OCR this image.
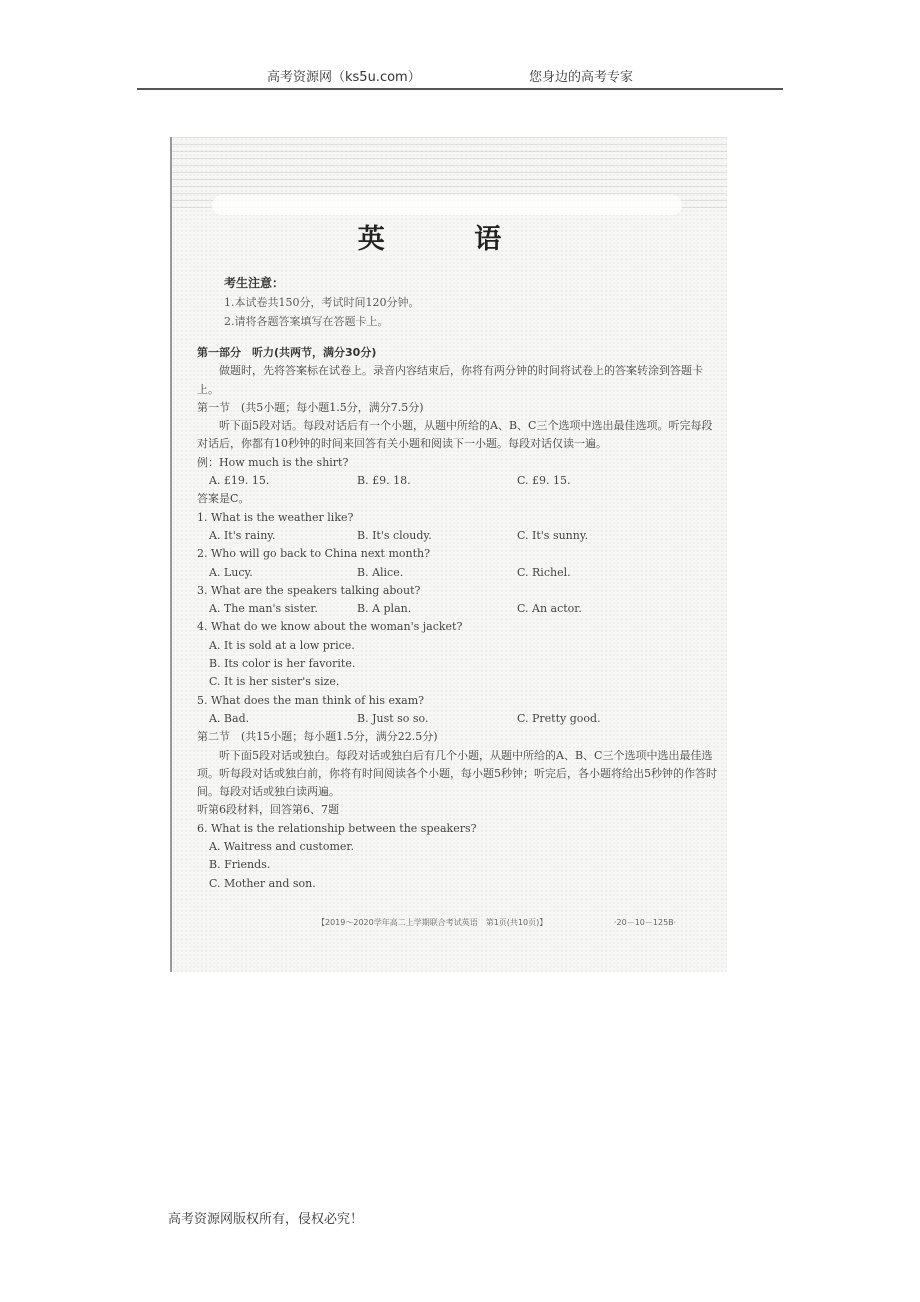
高考资源网（ks5u.com）	您身边的高考专家
英 语
考生注意：
1.本试卷共150分，考试时间120分钟。
2.请将各题答案填写在答题卡上。
第一部分　听力(共两节，满分30分)
做题时，先将答案标在试卷上。录音内容结束后，你将有两分钟的时间将试卷上的答案转涂到答题卡上。
第一节　(共5小题；每小题1.5分，满分7.5分)
听下面5段对话。每段对话后有一个小题，从题中所给的A、B、C三个选项中选出最佳选项。听完每段对话后，你都有10秒钟的时间来回答有关小题和阅读下一小题。每段对话仅读一遍。
例：How much is the shirt?
A. £19. 15.	B. £9. 18.	C. £9. 15.
答案是C。
1. What is the weather like?
A. It's rainy.	B. It's cloudy.	C. It's sunny.
2. Who will go back to China next month?
A. Lucy.	B. Alice.	C. Richel.
3. What are the speakers talking about?
A. The man's sister.	B. A plan.	C. An actor.
4. What do we know about the woman's jacket?
A. It is sold at a low price.
B. Its color is her favorite.
C. It is her sister's size.
5. What does the man think of his exam?
A. Bad.	B. Just so so.	C. Pretty good.
第二节　(共15小题；每小题1.5分，满分22.5分)
听下面5段对话或独白。每段对话或独白后有几个小题，从题中所给的A、B、C三个选项中选出最佳选项。听每段对话或独白前，你将有时间阅读各个小题，每小题5秒钟；听完后，各小题将给出5秒钟的作答时间。每段对话或独白读两遍。
听第6段材料，回答第6、7题
6. What is the relationship between the speakers?
A. Waitress and customer.
B. Friends.
C. Mother and son.
【2019～2020学年高二上学期联合考试英语　第1页(共10页)】	·20－10－125B·
高考资源网版权所有，侵权必究！
